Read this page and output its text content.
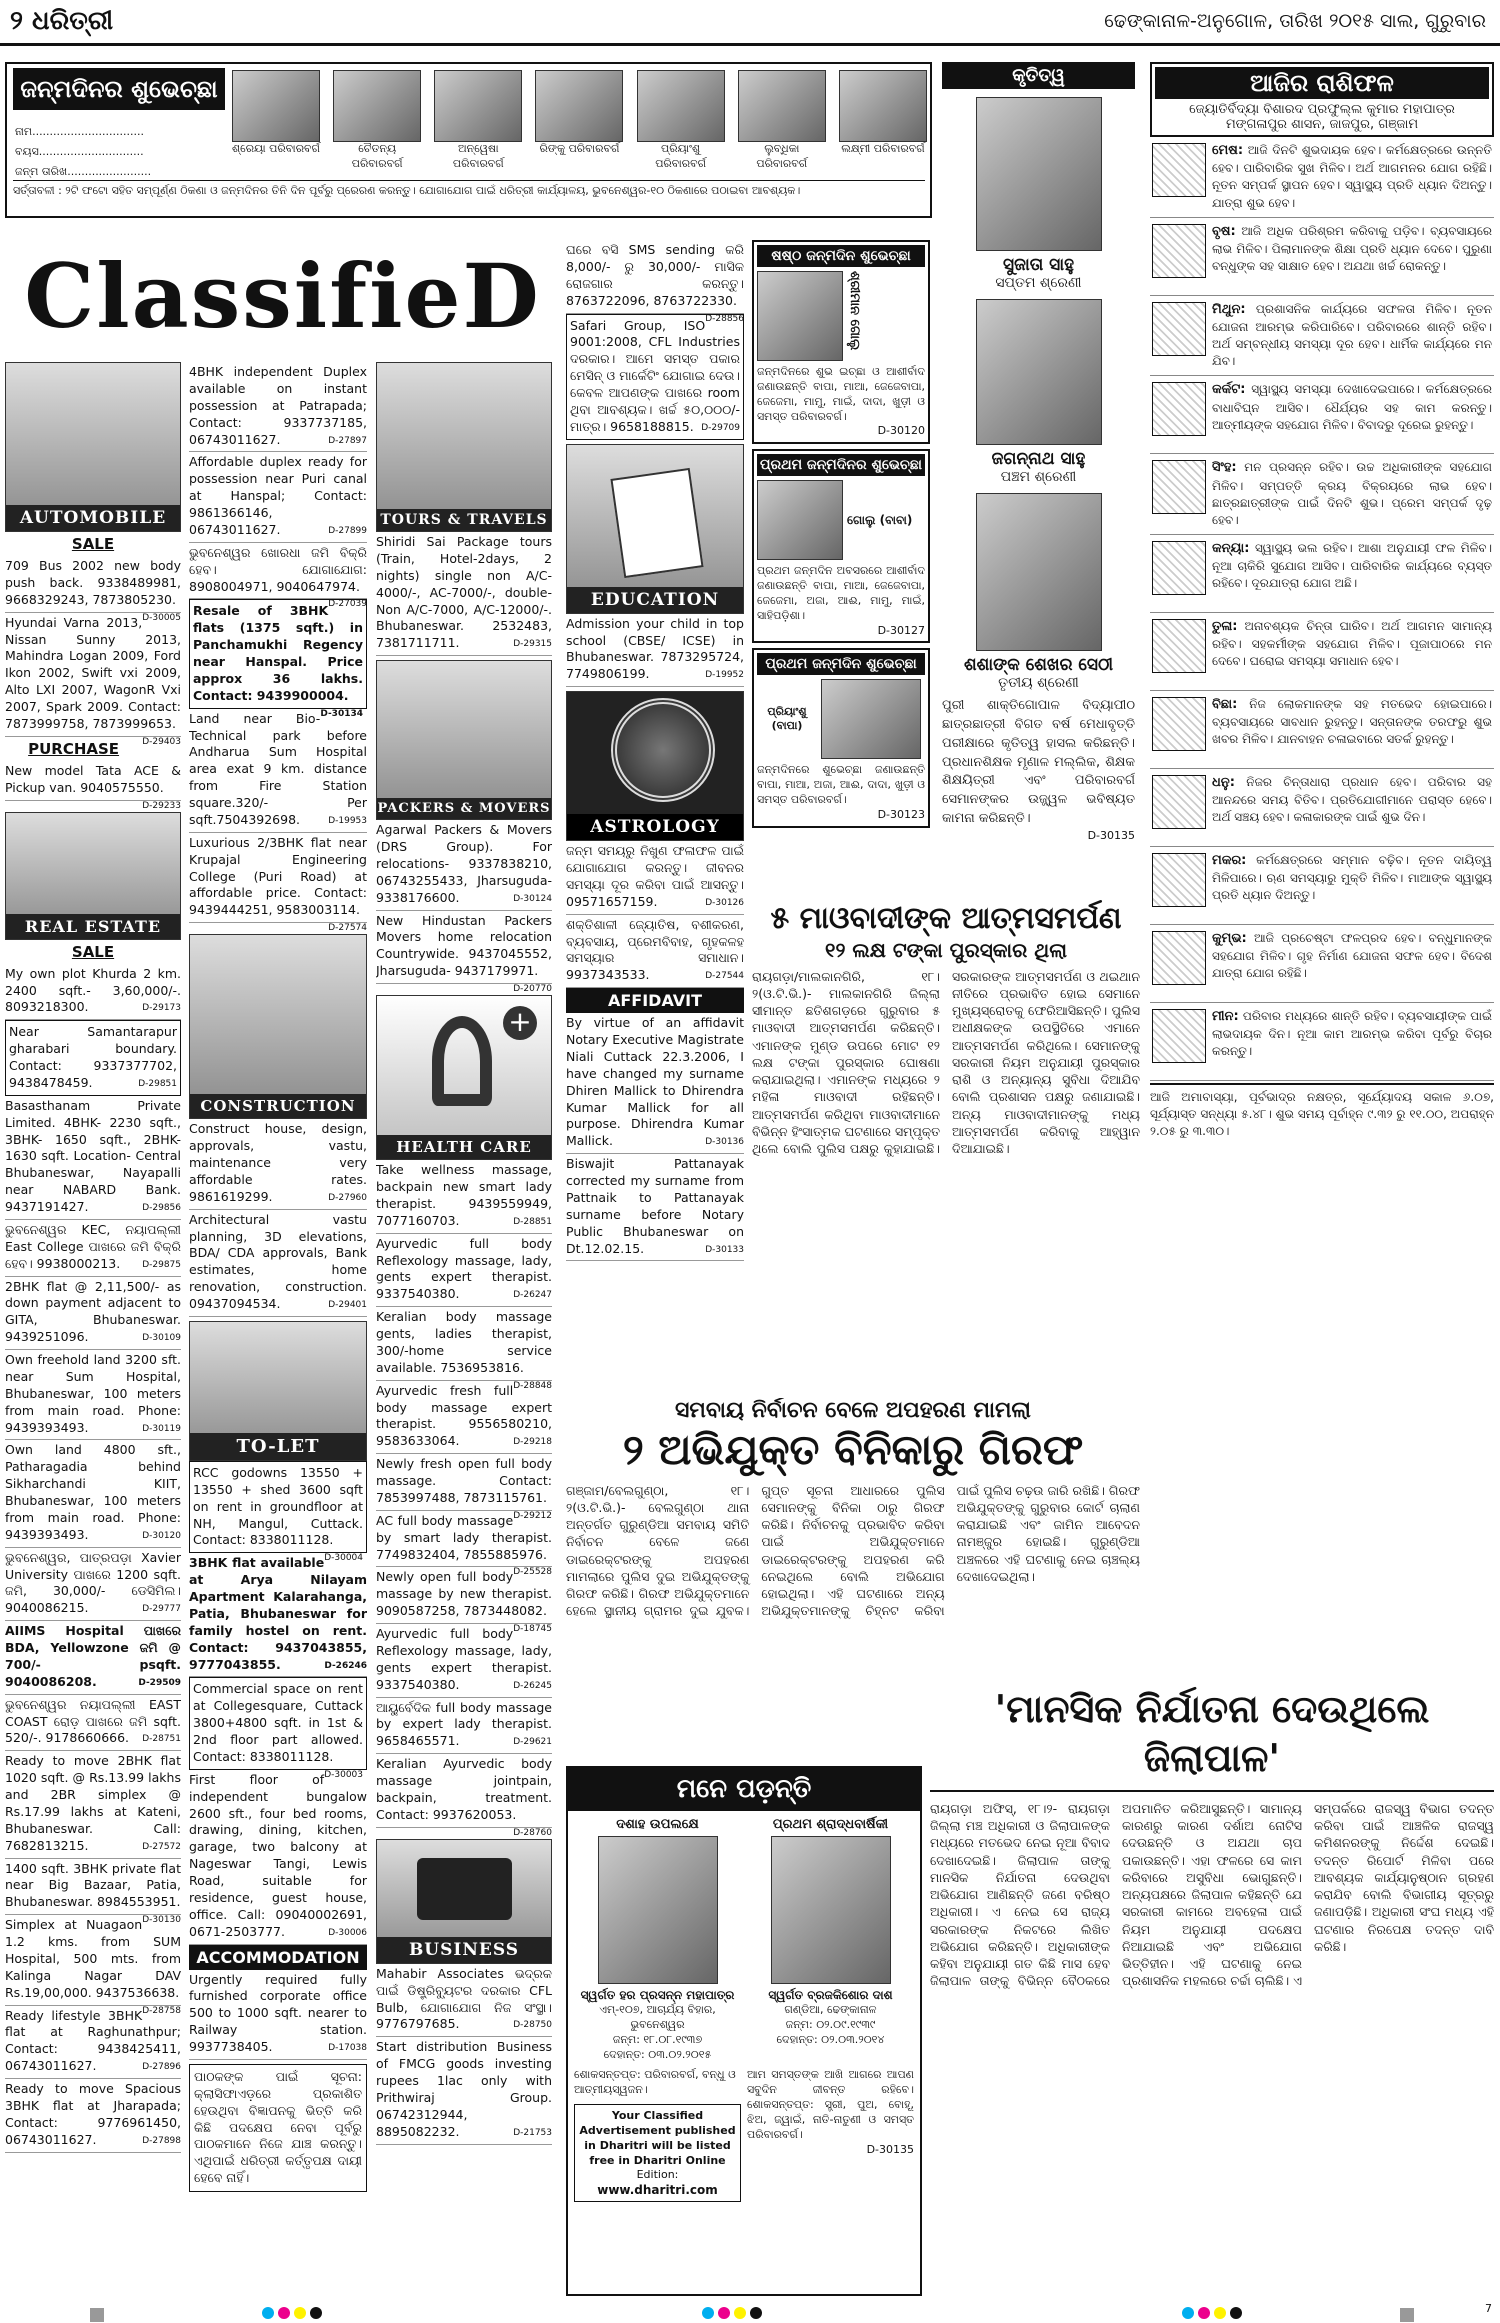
୨ ଧରିତ୍ରୀ	ଢେଙ୍କାନାଳ-ଅନୁଗୋଳ, ତାରିଖ ୨୦୧୫ ସାଲ, ଗୁରୁବାର
ଜନ୍ମଦିନର ଶୁଭେଚ୍ଛା
ନାମ................................
ବୟସ..............................
ଜନ୍ମ ତାରିଖ........................
ଶ୍ରେୟା ପରିବାରବର୍ଗ	ଚୈତନ୍ୟ ପରିବାରବର୍ଗ
ଅନ୍ୱେଷା ପରିବାରବର୍ଗ
ରିଙ୍କୁ ପରିବାରବର୍ଗ	ପ୍ରିୟାଂଶୁ ପରିବାରବର୍ଗ
ଲୁବ୍ଧିକା ପରିବାରବର୍ଗ
ଲକ୍ଷ୍ମୀ ପରିବାରବର୍ଗ
ସର୍ତ୍ତାବଳୀ : ୨ଟି ଫଟୋ ସହିତ ସମ୍ପୂର୍ଣ୍ଣ ଠିକଣା ଓ ଜନ୍ମଦିନର ତିନି ଦିନ ପୂର୍ବରୁ ପ୍ରେରଣ କରନ୍ତୁ। ଯୋଗାଯୋଗ ପାଇଁ ଧରିତ୍ରୀ କାର୍ଯ୍ୟାଳୟ, ଭୁବନେଶ୍ୱର-୧୦ ଠିକଣାରେ ପଠାଇବା ଆବଶ୍ୟକ।
ClassifieD
AUTOMOBILE
SALE
709 Bus 2002 new body push back. 9338489981, 9668329243, 7873805230.
D-30005
Hyundai Varna 2013, Nissan Sunny 2013, Mahindra Logan 2009, Ford Ikon 2002, Swift vxi 2009, Alto LXI 2007, WagonR Vxi 2007, Spark 2009. Contact: 7873999758, 7873999653.
D-29403
PURCHASE
New model Tata ACE & Pickup van. 9040575550.
D-29233
REAL ESTATE
SALE
My own plot Khurda 2 km. 2400 sqft.- 3,60,000/-. 8093218300.	D-29173
Near Samantarapur gharabari boundary. Contact: 9337377702, 9438478459.	D-29851
Basasthanam Private Limited. 4BHK- 2230 sqft., 3BHK- 1650 sqft., 2BHK- 1630 sqft. Location- Central Bhubaneswar, Nayapalli near NABARD Bank. 9437191427.	D-29856
ଭୁବନେଶ୍ୱର KEC, ନୟାପଲ୍ଲୀ East College ପାଖରେ ଜମି ବିକ୍ରି ହେବ। 9938000213. D-29875
2BHK flat @ 2,11,500/- as down payment adjacent to GITA, Bhubaneswar. 9439251096.	D-30109
Own freehold land 3200 sft. near Sum Hospital, Bhubaneswar, 100 meters from main road. Phone: 9439393493.	D-30119
Own land 4800 sft., Patharagadia behind Sikharchandi KIIT, Bhubaneswar, 100 meters from main road. Phone: 9439393493.	D-30120
ଭୁବନେଶ୍ୱର, ପାତ୍ରପଡ଼ା Xavier University ପାଖରେ 1200 sqft. ଜମି, 30,000/- ଡେସିମିଲ। 9040086215.	D-29777
AIIMS Hospital ପାଖରେ BDA, Yellowzone ଜମି @ 700/- psqft. 9040086208.	D-29509
ଭୁବନେଶ୍ୱର ନୟାପଲ୍ଲୀ EAST COAST ରୋଡ଼ ପାଖରେ ଜମି sqft. 520/-. 9178660666. D-28751
Ready to move 2BHK flat 1020 sqft. @ Rs.13.99 lakhs and 2BR simplex @ Rs.17.99 lakhs at Kateni, Bhubaneswar. Call: 7682813215.	D-27572
1400 sqft. 3BHK private flat near Big Bazaar, Patia, Bhubaneswar. 8984553951.
D-30130
Simplex at Nuagaon 1.2 kms. from SUM Hospital, 500 mts. from Kalinga Nagar DAV Rs.19,00,000. 9437536638.
D-28758
Ready lifestyle 3BHK flat at Raghunathpur; Contact: 9438425411, 06743011627.	D-27896
Ready to move Spacious 3BHK flat at Jharapada; Contact: 9776961450, 06743011627.	D-27898
4BHK independent Duplex available on instant possession at Patrapada; Contact: 9337737185, 06743011627.	D-27897
Affordable duplex ready for possession near Puri canal at Hanspal; Contact: 9861366146, 06743011627.	D-27899
ଭୁବନେଶ୍ୱର ଖୋରଧା ଜମି ବିକ୍ରି ହେବ। ଯୋଗାଯୋଗ: 8908004971, 9040647974.
D-27039
Resale of 3BHK flats (1375 sqft.) in Panchamukhi Regency near Hanspal. Price approx 36 lakhs. Contact: 9439900004.
D-30134
Land near Bio-Technical park before Andharua Sum Hospital area exat 9 km. distance from Fire Station square.320/- Per sqft.7504392698.	D-19953
Luxurious 2/3BHK flat near Krupajal Engineering College (Puri Road) at affordable price. Contact: 9439444251, 9583003114.
D-27574
CONSTRUCTION
Construct house, design, approvals, vastu, maintenance very affordable rates. 9861619299.	D-27960
Architectural vastu planning, 3D elevations, BDA/ CDA approvals, Bank estimates, home renovation, construction. 09437094534.	D-29401
TO-LET
RCC godowns 13550 + 13550 + shed 3600 sqft on rent in groundfloor at NH, Mangul, Cuttack. Contact: 8338011128.
D-30004
3BHK flat available at Arya Nilayam Apartment Kalarahanga, Patia, Bhubaneswar for family hostel on rent. Contact: 9437043855, 9777043855.	D-26246
Commercial space on rent at Collegesquare, Cuttack 3800+4800 sqft. in 1st & 2nd floor part allowed. Contact: 8338011128.
D-30003
First floor of independent bungalow 2600 sft., four bed rooms, drawing, dining, kitchen, garage, two balcony at Nageswar Tangi, Lewis Road, suitable for residence, guest house, office. Call: 09040002691, 0671-2503777.	D-30006
ACCOMMODATION
Urgently required fully furnished corporate office 500 to 1000 sqft. nearer to Railway station. 9937738405.	D-17038
ପାଠକଙ୍କ ପାଇଁ ସୂଚନା: କ୍ଲାସିଫାଏଡ଼ରେ ପ୍ରକାଶିତ ହେଉଥିବା ବିଜ୍ଞାପନକୁ ଭିତ୍ତି କରି କିଛି ପଦକ୍ଷେପ ନେବା ପୂର୍ବରୁ ପାଠକମାନେ ନିଜେ ଯାଞ୍ଚ କରନ୍ତୁ। ଏଥିପାଇଁ ଧରିତ୍ରୀ କର୍ତ୍ତୃପକ୍ଷ ଦାୟୀ ହେବେ ନାହିଁ।
TOURS & TRAVELS
Shiridi Sai Package tours (Train, Hotel-2days, 2 nights) single non A/C-4000/-, AC-7000/-, double-Non A/C-7000, A/C-12000/-. Bhubaneswar. 2532483, 7381711711.	D-29315
PACKERS & MOVERS
Agarwal Packers & Movers (DRS Group). For relocations- 9337838210, 06743255433, Jharsuguda-9338176600.	D-30124
New Hindustan Packers Movers home relocation Countrywide. 9437045552, Jharsuguda- 9437179971.
D-20770
+
HEALTH CARE
Take wellness massage, backpain new smart lady therapist. 9439559949, 7077160703.	D-28851
Ayurvedic full body Reflexology massage, lady, gents expert therapist. 9337540380.	D-26247
Keralian body massage gents, ladies therapist, 300/-home service available. 7536953816.
D-28848
Ayurvedic fresh full body massage expert therapist. 9556580210, 9583633064.	D-29218
Newly fresh open full body massage. Contact: 7853997488, 7873115761.
D-29212
AC full body massage by smart lady therapist. 7749832404, 7855885976.
D-25528
Newly open full body massage by new therapist. 9090587258, 7873448082.
D-18745
Ayurvedic full body Reflexology massage, lady, gents expert therapist. 9337540380.	D-26245
ଆୟୁର୍ବେଦିକ full body massage by expert lady therapist. 9658465571.	D-29621
Keralian Ayurvedic body massage jointpain, backpain, treatment. Contact: 9937620053.
D-28760
BUSINESS
Mahabir Associates ଭଦ୍ରକ ପାଇଁ ଡିଷ୍ଟ୍ରିବ୍ୟୁଟର ଦରକାର CFL Bulb, ଯୋଗାଯୋଗ ନିଜ ସଂସ୍ଥା। 9776797685.	D-28750
Start distribution Business of FMCG goods investing rupees 1lac only with Prithwiraj Group. 06742312944, 8895082232.	D-21753
ଘରେ ବସି SMS sending କରି 8,000/- ରୁ 30,000/- ମାସିକ ରୋଜଗାର କରନ୍ତୁ। 8763722096, 8763722330.
D-28856
Safari Group, ISO 9001:2008, CFL Industries ଦରକାର। ଆମେ ସମସ୍ତ ପକାର ମେସିନ୍ ଓ ମାର୍କେଟିଂ ଯୋଗାଇ ଦେଉ। କେବଳ ଆପଣଙ୍କ ପାଖରେ room ଥିବା ଆବଶ୍ୟକ। ଖର୍ଚ୍ଚ ୫୦,୦୦୦/- ମାତ୍ର। 9658188815. D-29709
EDUCATION
Admission your child in top school (CBSE/ ICSE) in Bhubaneswar. 7873295724, 7749806199.	D-19952
ASTROLOGY
ଜନ୍ମ ସମୟରୁ ନିଖୁଣ ଫଳାଫଳ ପାଇଁ ଯୋଗାଯୋଗ କରନ୍ତୁ। ଜୀବନର ସମସ୍ୟା ଦୂର କରିବା ପାଇଁ ଆସନ୍ତୁ। 09571657159.	D-30126
ଶକ୍ତିଶାଳୀ ଜ୍ୟୋତିଷ, ବଶୀକରଣ, ବ୍ୟବସାୟ, ପ୍ରେମବିବାହ, ଗୃହକଳହ ସମସ୍ୟାର ସମାଧାନ। 9937343533.	D-27544
AFFIDAVIT
By virtue of an affidavit Notary Executive Magistrate Niali Cuttack 22.3.2006, I have changed my surname Dhiren Mallick to Dhirendra Kumar Mallick for all purpose. Dhirendra Kumar Mallick.	D-30136
Biswajit Pattanayak corrected my surname from Pattnaik to Pattanayak surname before Notary Public Bhubaneswar on Dt.12.02.15.	D-30133
ଷଷ୍ଠ ଜନ୍ମଦିନ ଶୁଭେଚ୍ଛା
ଶ୍ରୀମାନ ଗୋଲୁ
ଜନ୍ମଦିନରେ ଶୁଭ ଇଚ୍ଛା ଓ ଆଶୀର୍ବାଦ ଜଣାଉଛନ୍ତି ବାପା, ମାଆ, ଜେଜେବାପା, ଜେଜେମା, ମାମୁ, ମାଇଁ, ଦାଦା, ଖୁଡ଼ୀ ଓ ସମସ୍ତ ପରିବାରବର୍ଗ।
D-30120
ପ୍ରଥମ ଜନ୍ମଦିନର ଶୁଭେଚ୍ଛା
ଗୋଲୁ (ବାବା)
ପ୍ରଥମ ଜନ୍ମଦିନ ଅବସରରେ ଆଶୀର୍ବାଦ ଜଣାଉଛନ୍ତି ବାପା, ମାଆ, ଜେଜେବାପା, ଜେଜେମା, ଅଜା, ଆଈ, ମାମୁ, ମାଇଁ, ସାହିପଡ଼ିଶା।
D-30127
ପ୍ରଥମ ଜନ୍ମଦିନ ଶୁଭେଚ୍ଛା
ପ୍ରିୟାଂଶୁ (ବାପା)
ଜନ୍ମଦିନରେ ଶୁଭେଚ୍ଛା ଜଣାଉଛନ୍ତି ବାପା, ମାଆ, ଅଜା, ଆଈ, ଦାଦା, ଖୁଡ଼ୀ ଓ ସମସ୍ତ ପରିବାରବର୍ଗ।
D-30123
କୃତିତ୍ୱ
ସୁଜାତା ସାହୁ
ସପ୍ତମ ଶ୍ରେଣୀ
ଜଗନ୍ନାଥ ସାହୁ
ପଞ୍ଚମ ଶ୍ରେଣୀ
ଶଶାଙ୍କ ଶେଖର ସେଠୀ
ତୃତୀୟ ଶ୍ରେଣୀ
ପୁରୀ ଶାକ୍ତିଗୋପାଳ ବିଦ୍ୟାପୀଠ ଛାତ୍ରଛାତ୍ରୀ ବିଗତ ବର୍ଷ ମେଧାବୃତ୍ତି ପରୀକ୍ଷାରେ କୃତିତ୍ୱ ହାସଲ କରିଛନ୍ତି। ପ୍ରଧାନଶିକ୍ଷକ ମୃଣାଳ ମଲ୍ଲିକ, ଶିକ୍ଷକ ଶିକ୍ଷୟିତ୍ରୀ ଏବଂ ପରିବାରବର୍ଗ ସେମାନଙ୍କର ଉଜ୍ଜ୍ୱଳ ଭବିଷ୍ୟତ କାମନା କରିଛନ୍ତି।
D-30135
୫ ମାଓବାଦୀଙ୍କ ଆତ୍ମସମର୍ପଣ
୧୨ ଲକ୍ଷ ଟଙ୍କା ପୁରସ୍କାର ଥିଲା
ରାୟଗଡ଼ା/ମାଲକାନଗିରି, ୧୮।୨(ଓ.ଟି.ଭି.)- ମାଲକାନଗିରି ଜିଲ୍ଲା ସୀମାନ୍ତ ଛତିଶଗଡ଼ରେ ଗୁରୁବାର ୫ ମାଓବାଦୀ ଆତ୍ମସମର୍ପଣ କରିଛନ୍ତି। ଏମାନଙ୍କ ମୁଣ୍ଡ ଉପରେ ମୋଟ ୧୨ ଲକ୍ଷ ଟଙ୍କା ପୁରସ୍କାର ଘୋଷଣା କରାଯାଇଥିଲା। ଏମାନଙ୍କ ମଧ୍ୟରେ ୨ ମହିଳା ମାଓବାଦୀ ରହିଛନ୍ତି। ଆତ୍ମସମର୍ପଣ କରିଥିବା ମାଓବାଦୀମାନେ ବିଭିନ୍ନ ହିଂସାତ୍ମକ ଘଟଣାରେ ସମ୍ପୃକ୍ତ ଥିଲେ ବୋଲି ପୁଲିସ ପକ୍ଷରୁ କୁହାଯାଇଛି। ସରକାରଙ୍କ ଆତ୍ମସମର୍ପଣ ଓ ଥଇଥାନ ନୀତିରେ ପ୍ରଭାବିତ ହୋଇ ସେମାନେ ମୁଖ୍ୟସ୍ରୋତକୁ ଫେରିଆସିଛନ୍ତି। ପୁଲିସ ଅଧୀକ୍ଷକଙ୍କ ଉପସ୍ଥିତିରେ ଏମାନେ ଆତ୍ମସମର୍ପଣ କରିଥିଲେ। ସେମାନଙ୍କୁ ସରକାରୀ ନିୟମ ଅନୁଯାୟୀ ପୁରସ୍କାର ରାଶି ଓ ଅନ୍ୟାନ୍ୟ ସୁବିଧା ଦିଆଯିବ ବୋଲି ପ୍ରଶାସନ ପକ୍ଷରୁ ଜଣାଯାଇଛି। ଅନ୍ୟ ମାଓବାଦୀମାନଙ୍କୁ ମଧ୍ୟ ଆତ୍ମସମର୍ପଣ କରିବାକୁ ଆହ୍ୱାନ ଦିଆଯାଇଛି।
ସମବାୟ ନିର୍ବାଚନ ବେଳେ ଅପହରଣ ମାମଲା
୨ ଅଭିଯୁକ୍ତ ବିନିକାରୁ ଗିରଫ
ଗଞ୍ଜାମ/ବେଲଗୁଣ୍ଠା, ୧୮।୨(ଓ.ଟି.ଭି.)- ବେଲଗୁଣ୍ଠା ଥାନା ଅନ୍ତର୍ଗତ ଗୁରୁଣ୍ଡିଆ ସମବାୟ ସମିତି ନିର୍ବାଚନ ବେଳେ ଜଣେ ଡାଇରେକ୍ଟରଙ୍କୁ ଅପହରଣ ମାମଲାରେ ପୁଲିସ ଦୁଇ ଅଭିଯୁକ୍ତଙ୍କୁ ଗିରଫ କରିଛି। ଗିରଫ ଅଭିଯୁକ୍ତମାନେ ହେଲେ ସ୍ଥାନୀୟ ଗ୍ରାମର ଦୁଇ ଯୁବକ। ଗୁପ୍ତ ସୂଚନା ଆଧାରରେ ପୁଲିସ ସେମାନଙ୍କୁ ବିନିକା ଠାରୁ ଗିରଫ କରିଛି। ନିର୍ବାଚନକୁ ପ୍ରଭାବିତ କରିବା ପାଇଁ ଅଭିଯୁକ୍ତମାନେ ଡାଇରେକ୍ଟରଙ୍କୁ ଅପହରଣ କରି ନେଇଥିଲେ ବୋଲି ଅଭିଯୋଗ ହୋଇଥିଲା। ଏହି ଘଟଣାରେ ଅନ୍ୟ ଅଭିଯୁକ୍ତମାନଙ୍କୁ ଚିହ୍ନଟ କରିବା ପାଇଁ ପୁଲିସ ଚଢ଼ଉ ଜାରି ରଖିଛି। ଗିରଫ ଅଭିଯୁକ୍ତଙ୍କୁ ଗୁରୁବାର କୋର୍ଟ ଚାଲାଣ କରାଯାଇଛି ଏବଂ ଜାମିନ ଆବେଦନ ନାମଞ୍ଜୁର ହୋଇଛି। ଗୁରୁଣ୍ଡିଆ ଅଞ୍ଚଳରେ ଏହି ଘଟଣାକୁ ନେଇ ଚାଞ୍ଚଲ୍ୟ ଦେଖାଦେଇଥିଲା।
ମନେ ପଡ଼ନ୍ତି
ଦଶାହ ଉପଲକ୍ଷେ
ସ୍ୱର୍ଗତ ହର ପ୍ରସନ୍ନ ମହାପାତ୍ର
ଏମ୍-୧୦୭, ଆଚାର୍ଯ୍ୟ ବିହାର, ଭୁବନେଶ୍ୱର
ଜନ୍ମ: ୧୮.୦୮.୧୯୩୭
ଦେହାନ୍ତ: ୦୩.୦୨.୨୦୧୫
ପ୍ରଥମ ଶ୍ରାଦ୍ଧବାର୍ଷିକୀ
ସ୍ୱର୍ଗତ ବ୍ରଜକିଶୋର ଦାଶ
ଗଣ୍ଡିଆ, ଢେଙ୍କାନାଳ
ଜନ୍ମ: ୦୨.୦୯.୧୯୩୯
ଦେହାନ୍ତ: ୦୨.୦୩.୨୦୧୪
ଶୋକସନ୍ତପ୍ତ: ପରିବାରବର୍ଗ, ବନ୍ଧୁ ଓ ଆତ୍ମୀୟସ୍ୱଜନ।
Your Classified Advertisement published in Dharitri will be listed free in Dharitri Online
Edition:
www.dharitri.com
ଆମ ସମସ୍ତଙ୍କ ଆଖି ଆଗରେ ଆପଣ ସବୁଦିନ ଜୀବନ୍ତ ରହିବେ। ଶୋକସନ୍ତପ୍ତ: ସ୍ତ୍ରୀ, ପୁଅ, ବୋହୂ, ଝିଅ, ଜ୍ୱାଇଁ, ନାତି-ନାତୁଣୀ ଓ ସମସ୍ତ ପରିବାରବର୍ଗ।
D-30135
ଆଜିର ରାଶିଫଳ
ଜ୍ୟୋତିର୍ବିଦ୍ୟା ବିଶାରଦ ପ୍ରଫୁଲ୍ଲ କୁମାର ମହାପାତ୍ର
ମଙ୍ଗଳାପୁର ଶାସନ, ଜାଜପୁର, ଗଞ୍ଜାମ
ମେଷ: ଆଜି ଦିନଟି ଶୁଭଦାୟକ ହେବ। କର୍ମକ୍ଷେତ୍ରରେ ଉନ୍ନତି ହେବ। ପାରିବାରିକ ସୁଖ ମିଳିବ। ଅର୍ଥ ଆଗମନର ଯୋଗ ରହିଛି। ନୂତନ ସମ୍ପର୍କ ସ୍ଥାପନ ହେବ। ସ୍ୱାସ୍ଥ୍ୟ ପ୍ରତି ଧ୍ୟାନ ଦିଅନ୍ତୁ। ଯାତ୍ରା ଶୁଭ ହେବ।
ବୃଷ: ଆଜି ଅଧିକ ପରିଶ୍ରମ କରିବାକୁ ପଡ଼ିବ। ବ୍ୟବସାୟରେ ଲାଭ ମିଳିବ। ପିଲାମାନଙ୍କ ଶିକ୍ଷା ପ୍ରତି ଧ୍ୟାନ ଦେବେ। ପୁରୁଣା ବନ୍ଧୁଙ୍କ ସହ ସାକ୍ଷାତ ହେବ। ଅଯଥା ଖର୍ଚ୍ଚ ରୋକନ୍ତୁ।
ମିଥୁନ: ପ୍ରଶାସନିକ କାର୍ଯ୍ୟରେ ସଫଳତା ମିଳିବ। ନୂତନ ଯୋଜନା ଆରମ୍ଭ କରିପାରିବେ। ପରିବାରରେ ଶାନ୍ତି ରହିବ। ଅର୍ଥ ସମ୍ବନ୍ଧୀୟ ସମସ୍ୟା ଦୂର ହେବ। ଧାର୍ମିକ କାର୍ଯ୍ୟରେ ମନ ଯିବ।
କର୍କଟ: ସ୍ୱାସ୍ଥ୍ୟ ସମସ୍ୟା ଦେଖାଦେଇପାରେ। କର୍ମକ୍ଷେତ୍ରରେ ବାଧାବିଘ୍ନ ଆସିବ। ଧୈର୍ଯ୍ୟର ସହ କାମ କରନ୍ତୁ। ଆତ୍ମୀୟଙ୍କ ସହଯୋଗ ମିଳିବ। ବିବାଦରୁ ଦୂରେଇ ରୁହନ୍ତୁ।
ସିଂହ: ମନ ପ୍ରସନ୍ନ ରହିବ। ଉଚ୍ଚ ଅଧିକାରୀଙ୍କ ସହଯୋଗ ମିଳିବ। ସମ୍ପତ୍ତି କ୍ରୟ ବିକ୍ରୟରେ ଲାଭ ହେବ। ଛାତ୍ରଛାତ୍ରୀଙ୍କ ପାଇଁ ଦିନଟି ଶୁଭ। ପ୍ରେମ ସମ୍ପର୍କ ଦୃଢ଼ ହେବ।
କନ୍ୟା: ସ୍ୱାସ୍ଥ୍ୟ ଭଲ ରହିବ। ଆଶା ଅନୁଯାୟୀ ଫଳ ମିଳିବ। ନୂଆ ଚାକିରି ସୁଯୋଗ ଆସିବ। ପାରିବାରିକ କାର୍ଯ୍ୟରେ ବ୍ୟସ୍ତ ରହିବେ। ଦୂରଯାତ୍ରା ଯୋଗ ଅଛି।
ତୁଳା: ଅନାବଶ୍ୟକ ଚିନ୍ତା ଘାରିବ। ଅର୍ଥ ଆଗମନ ସାମାନ୍ୟ ରହିବ। ସହକର୍ମୀଙ୍କ ସହଯୋଗ ମିଳିବ। ପୂଜାପାଠରେ ମନ ଦେବେ। ଘରୋଇ ସମସ୍ୟା ସମାଧାନ ହେବ।
ବିଛା: ନିଜ ଲୋକମାନଙ୍କ ସହ ମତଭେଦ ହୋଇପାରେ। ବ୍ୟବସାୟରେ ସାବଧାନ ରୁହନ୍ତୁ। ସନ୍ତାନଙ୍କ ତରଫରୁ ଶୁଭ ଖବର ମିଳିବ। ଯାନବାହନ ଚଳାଇବାରେ ସତର୍କ ରୁହନ୍ତୁ।
ଧନୁ: ନିଜର ଚିନ୍ତାଧାରା ପ୍ରଧାନ ହେବ। ପରିବାର ସହ ଆନନ୍ଦରେ ସମୟ ବିତିବ। ପ୍ରତିଯୋଗୀମାନେ ପରାସ୍ତ ହେବେ। ଅର୍ଥ ସଞ୍ଚୟ ହେବ। କଳାକାରଙ୍କ ପାଇଁ ଶୁଭ ଦିନ।
ମକର: କର୍ମକ୍ଷେତ୍ରରେ ସମ୍ମାନ ବଢ଼ିବ। ନୂତନ ଦାୟିତ୍ୱ ମିଳିପାରେ। ଋଣ ସମସ୍ୟାରୁ ମୁକ୍ତି ମିଳିବ। ମାଆଙ୍କ ସ୍ୱାସ୍ଥ୍ୟ ପ୍ରତି ଧ୍ୟାନ ଦିଅନ୍ତୁ।
କୁମ୍ଭ: ଆଜି ପ୍ରଚେଷ୍ଟା ଫଳପ୍ରଦ ହେବ। ବନ୍ଧୁମାନଙ୍କ ସହଯୋଗ ମିଳିବ। ଗୃହ ନିର୍ମାଣ ଯୋଜନା ସଫଳ ହେବ। ବିଦେଶ ଯାତ୍ରା ଯୋଗ ରହିଛି।
ମୀନ: ପରିବାର ମଧ୍ୟରେ ଶାନ୍ତି ରହିବ। ବ୍ୟବସାୟୀଙ୍କ ପାଇଁ ଲାଭଦାୟକ ଦିନ। ନୂଆ କାମ ଆରମ୍ଭ କରିବା ପୂର୍ବରୁ ବିଚାର କରନ୍ତୁ।
ଆଜି ଅମାବାସ୍ୟା, ପୂର୍ବଭାଦ୍ର ନକ୍ଷତ୍ର, ସୂର୍ଯ୍ୟୋଦୟ ସକାଳ ୬.୦୭, ସୂର୍ଯ୍ୟାସ୍ତ ସନ୍ଧ୍ୟା ୫.୪୮। ଶୁଭ ସମୟ ପୂର୍ବାହ୍ନ ୯.୩୨ ରୁ ୧୧.୦୦, ଅପରାହ୍ନ ୨.୦୫ ରୁ ୩.୩୦।
'ମାନସିକ ନିର୍ଯାତନା ଦେଉଥିଲେ ଜିଲାପାଳ'
ରାୟଗଡ଼ା ଅଫିସ୍, ୧୮।୨- ରାୟଗଡ଼ା ଜିଲ୍ଲା ମଞ୍ଚ ଅଧିକାରୀ ଓ ଜିଲାପାଳଙ୍କ ମଧ୍ୟରେ ମତଭେଦ ନେଇ ନୂଆ ବିବାଦ ଦେଖାଦେଇଛି। ଜିଲାପାଳ ତାଙ୍କୁ ମାନସିକ ନିର୍ଯାତନା ଦେଉଥିବା ଅଭିଯୋଗ ଆଣିଛନ୍ତି ଜଣେ ବରିଷ୍ଠ ଅଧିକାରୀ। ଏ ନେଇ ସେ ରାଜ୍ୟ ସରକାରଙ୍କ ନିକଟରେ ଲିଖିତ ଅଭିଯୋଗ କରିଛନ୍ତି। ଅଧିକାରୀଙ୍କ କହିବା ଅନୁଯାୟୀ ଗତ କିଛି ମାସ ହେବ ଜିଲାପାଳ ତାଙ୍କୁ ବିଭିନ୍ନ ବୈଠକରେ ଅପମାନିତ କରିଆସୁଛନ୍ତି। ସାମାନ୍ୟ କାରଣରୁ କାରଣ ଦର୍ଶାଅ ନୋଟିସ ଦେଉଛନ୍ତି ଓ ଅଯଥା ଚାପ ପକାଉଛନ୍ତି। ଏହା ଫଳରେ ସେ କାମ କରିବାରେ ଅସୁବିଧା ଭୋଗୁଛନ୍ତି। ଅନ୍ୟପକ୍ଷରେ ଜିଲାପାଳ କହିଛନ୍ତି ଯେ ସରକାରୀ କାମରେ ଅବହେଳା ପାଇଁ ନିୟମ ଅନୁଯାୟୀ ପଦକ୍ଷେପ ନିଆଯାଇଛି ଏବଂ ଅଭିଯୋଗ ଭିତ୍ତିହୀନ। ଏହି ଘଟଣାକୁ ନେଇ ପ୍ରଶାସନିକ ମହଲରେ ଚର୍ଚ୍ଚା ଚାଲିଛି। ଏ ସମ୍ପର୍କରେ ରାଜସ୍ୱ ବିଭାଗ ତଦନ୍ତ କରିବା ପାଇଁ ଆଞ୍ଚଳିକ ରାଜସ୍ୱ କମିଶନରଙ୍କୁ ନିର୍ଦ୍ଦେଶ ଦେଇଛି। ତଦନ୍ତ ରିପୋର୍ଟ ମିଳିବା ପରେ ଆବଶ୍ୟକ କାର୍ଯ୍ୟାନୁଷ୍ଠାନ ଗ୍ରହଣ କରାଯିବ ବୋଲି ବିଭାଗୀୟ ସୂତ୍ରରୁ ଜଣାପଡ଼ିଛି। ଅଧିକାରୀ ସଂଘ ମଧ୍ୟ ଏହି ଘଟଣାର ନିରପେକ୍ଷ ତଦନ୍ତ ଦାବି କରିଛି।
7
